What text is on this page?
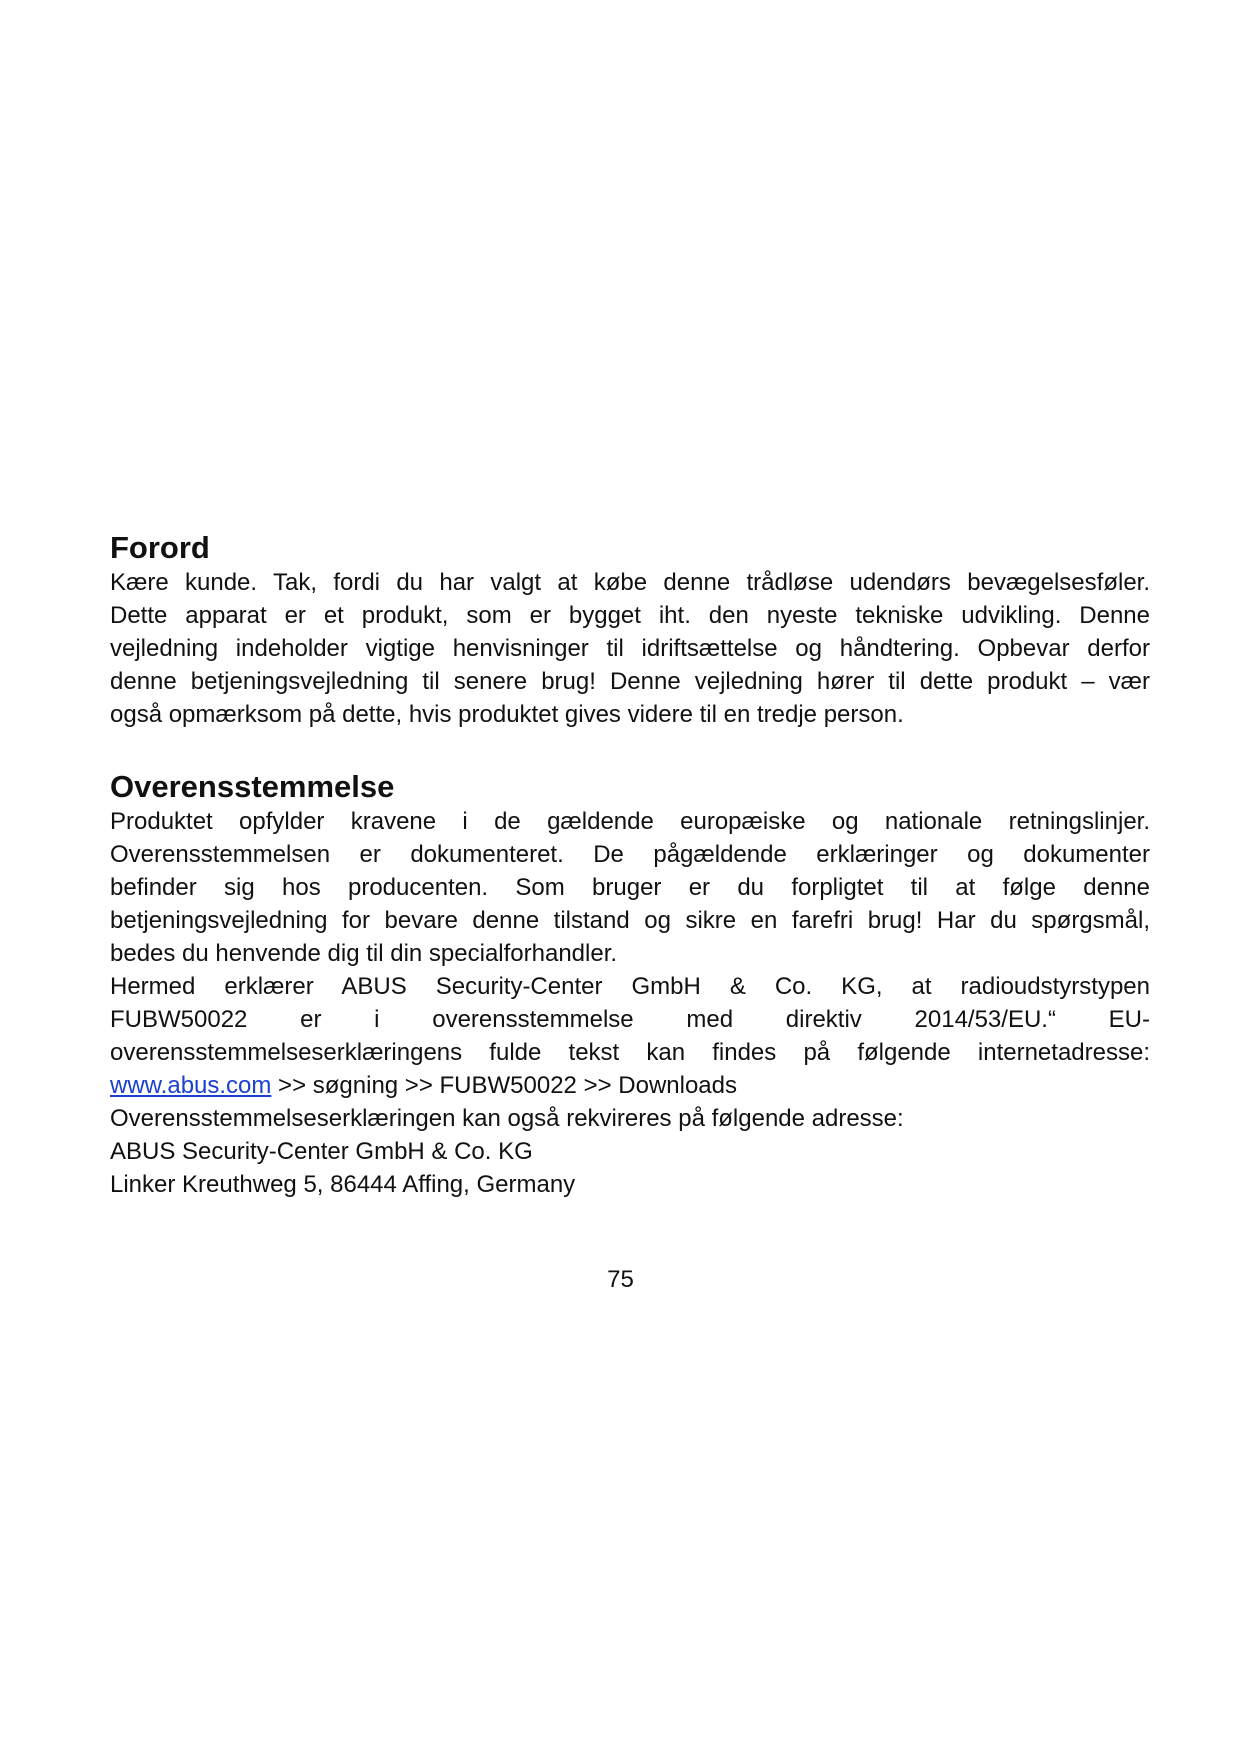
Forord

Kære kunde. Tak, fordi du har valgt at købe denne trådløse udendørs bevægelsesføler.

Dette apparat er et produkt, som er bygget iht. den nyeste tekniske udvikling. Denne

vejledning indeholder vigtige henvisninger til idriftsættelse og håndtering. Opbevar derfor

denne betjeningsvejledning til senere brug! Denne vejledning hører til dette produkt – vær

også opmærksom på dette, hvis produktet gives videre til en tredje person.

Overensstemmelse

Produktet opfylder kravene i de gældende europæiske og nationale retningslinjer.

Overensstemmelsen er dokumenteret. De pågældende erklæringer og dokumenter

befinder sig hos producenten. Som bruger er du forpligtet til at følge denne

betjeningsvejledning for bevare denne tilstand og sikre en farefri brug! Har du spørgsmål,

bedes du henvende dig til din specialforhandler.

Hermed erklærer ABUS Security-Center GmbH & Co. KG, at radioudstyrstypen

FUBW50022 er i overensstemmelse med direktiv 2014/53/EU.“ EU-

overensstemmelseserklæringens fulde tekst kan findes på følgende internetadresse:

www.abus.com >> søgning >> FUBW50022 >> Downloads

Overensstemmelseserklæringen kan også rekvireres på følgende adresse:

ABUS Security-Center GmbH & Co. KG

Linker Kreuthweg 5, 86444 Affing, Germany

75
